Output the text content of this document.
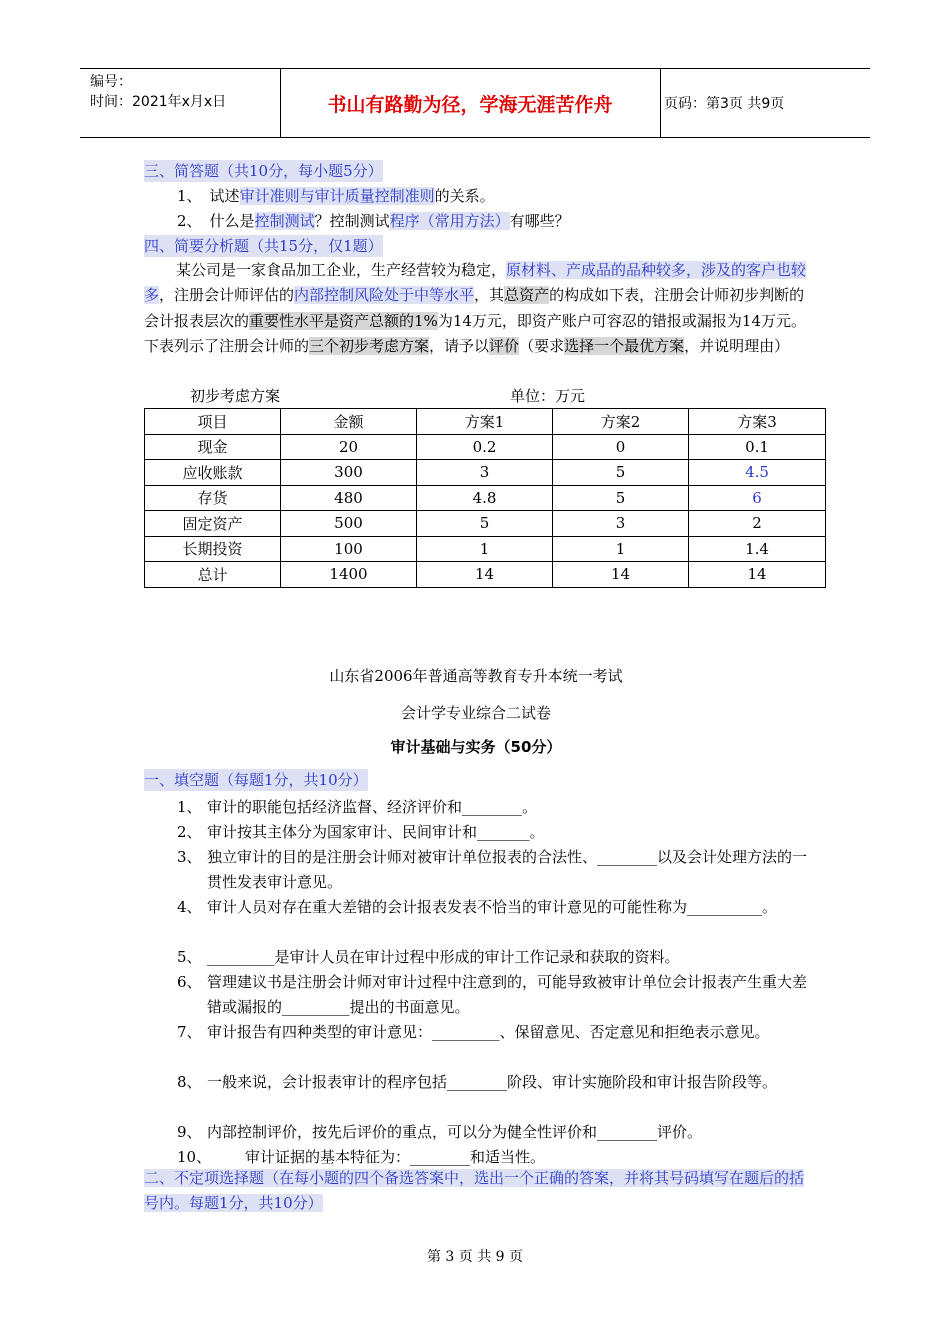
编号：
时间：2021年x月x日	书山有路勤为径，学海无涯苦作舟	页码：第3页 共9页
三、简答题（共10分，每小题5分）
1、 试述审计准则与审计质量控制准则的关系。
2、 什么是控制测试？控制测试程序（常用方法）有哪些？
四、简要分析题（共15分，仅1题）
某公司是一家食品加工企业，生产经营较为稳定，原材料、产成品的品种较多，涉及的客户也较多，注册会计师评估的内部控制风险处于中等水平，其总资产的构成如下表，注册会计师初步判断的会计报表层次的重要性水平是资产总额的1%为14万元，即资产账户可容忍的错报或漏报为14万元。下表列示了注册会计师的三个初步考虑方案，请予以评价（要求选择一个最优方案，并说明理由）
初步考虑方案	单位：万元
项目	金额	方案1	方案2	方案3
现金	20	0.2	0	0.1
应收账款	300	3	5	4.5
存货	480	4.8	5	6
固定资产	500	5	3	2
长期投资	100	1	1	1.4
总计	1400	14	14	14
山东省2006年普通高等教育专升本统一考试
会计学专业综合二试卷
审计基础与实务（50分）
一、填空题（每题1分，共10分）
1、 审计的职能包括经济监督、经济评价和________。
2、 审计按其主体分为国家审计、民间审计和_______。
3、 独立审计的目的是注册会计师对被审计单位报表的合法性、________以及会计处理方法的一贯性发表审计意见。
4、 审计人员对存在重大差错的会计报表发表不恰当的审计意见的可能性称为__________。
5、 _________是审计人员在审计过程中形成的审计工作记录和获取的资料。
6、 管理建议书是注册会计师对审计过程中注意到的，可能导致被审计单位会计报表产生重大差错或漏报的_________提出的书面意见。
7、 审计报告有四种类型的审计意见：_________、保留意见、否定意见和拒绝表示意见。
8、 一般来说，会计报表审计的程序包括________阶段、审计实施阶段和审计报告阶段等。
9、 内部控制评价，按先后评价的重点，可以分为健全性评价和________评价。
10、 审计证据的基本特征为：________和适当性。
二、不定项选择题（在每小题的四个备选答案中，选出一个正确的答案，并将其号码填写在题后的括号内。每题1分，共10分）
第 3 页 共 9 页
